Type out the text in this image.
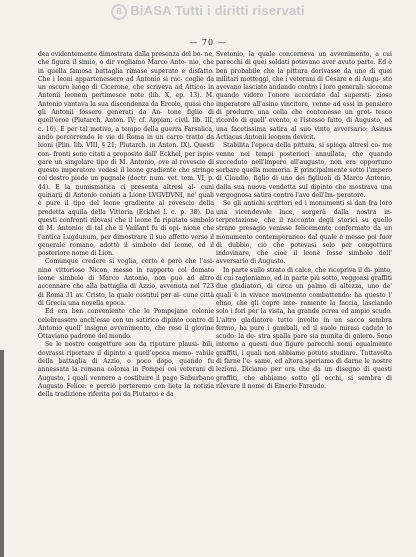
B BiASA Tutti i diritti riservati
— 70 —

dea evidentemente dimostrata dalla presenza del bo- ne, che figura il simio, o dir vogliamo Marco Anto- nio, che in quella famosa battaglia rimase superato e disfatto. Che i leoni appartenessero ad Antonio si rac- coglie da un oscuro luogo di Cicerone, che scriveva ad Attico: in Antonii leonem pertimesce note (lib. X, ep. 13). M. Antonio vantava la sua discendenza da Ercole, quasi che gli Antonii fossero generati da An- tone figlio di quell'eroe (Plutarch. Anton. IV; cf. Appian. civil. lib. III, c. 16). E per tal motivo, a tempo della guerra Farsalica, andò percorrendo le vie di Roma in un carro tratto da leoni (Plin. lib. VIII, § 21; Plutarch. in Anton. IX). Questi con- fronti sono citati a proposito dall' Eckhel, per ispie- gare un singolare tipo di M. Antonio, ove al rovescio di questo imperatore vedesi il leone gradiente che stringe col destro piede un pugnale (doctr. num. vet. tom. VI, p. 44). E la numismatica ci presenta altresì al- cuni quinarii di Antonio coniati a Lione LVGVDVNI, ne' quali è pure il tipo del leone gradiente al rovescio della predetta aquila della Vittoria (Eckhel l. c. p. 38). Da questi confronti rilevasi che il leone fu riputato simbolo di M. Antonio; di tal che il Vaillant fu di opi- nione che l'antica Lugdunum, per dimostrare il suo affetto verso il generale romano, adottò il simbolo del leone, ed il posteriore nome di Lion.

Comunque credere si voglia, certo è però che l'asi- nino vittorioso Nicon, messo in rapporto col domato leone simbolo di Marco Antonio, non può ad altro accennare che alla battaglia di Azzio, avvenuta nel 723 di Roma 31 av. Cristo, la quale costituì per al- cune città di Grecia una novella epoca.

Ed era ben conveniente che le Pompejane colonie celebrassero anch'esse con un satirico dipinto contro di Antonio quell' insigne avvenimento, che rese il giovine Ottaviano padrone del mondo.

Se le nostre congetture son da riputare plausi- bili, dovrassi riportare il dipinto a quell'epoca memo- rabile della battaglia di Azzio, o poco dopo, quando fu annessata la romana colonia in Pompei coi veterani di Augusto, i quali vennero a costituire il pago Suburbano Augusto Felice: e perciò porteremo con lieta la notizia della tradizione riferita poi da Plutarco e da

Svetonio, la quale concerneva un avvenimento, a cui parecchi di quei soldati potevano aver avuto parte. Ed è ben probabile che la pittura derivasse da uno di quei militari motteggi, che i veterani di Cesare e di Augu- sto avevano lasciato andando contro i loro generali: siccome quando videro l'onore accordato dal supersti- zioso imperatore all'asino vincitore, venne ad essi in pensiero di produrre una cella che contenesse un grot- tesco ricordo di quell' evento, e l'istesso fatto, di Augusto, ed una facetissima satira al suo vinto avversario: Asinus Actiacus Antonii leonem devicit.

Stabilita l'epoca della pittura, si spiega altresì co- me venne nei tempi posteriori annullata, che quando succeduto nell'impero all'augusto, non era opportuno serbare quella memoria. E principalmente sotto l'impero di Claudio, figlio di uno dei figliuoli di Marco Antonio, dalla sua nuova vendetta sul dipinto che mostrava una vergognosa satira contro l'avo dell'Im- peratore.

Se gli antichi scrittori ed i monumenti si dan fra loro una vicendevole luce, sorgerà dalla nostra in- terpretazione, che il racconto degli storici su quello strano presagio venisse felicemente confermato da un monumento contemporaneo: dal quale è messo poi fuor di dubbio, ciò che potevasi solo per congettura indovinare, che cioè il leone fosse simbolo dell' avversario di Augusto.

In parte sullo strato di calce, che ricopriva il di- pinto, di cui ragioniamo, ed in parte più sotto, veggonsi graffiti due gladiatori, di circa un palmo di altezza, uno de' quali è in vivace movimento combattendo: ha questo l' elmo, che gli copre inte- ramente la faccia, lasciando solo i fori per la vista, ha grande ocrea ed ampio scudo. L'altro gladiatore tutto involto in un sacco sembra fermo, ha pure i gambali, ed il suolo mirasi caduto lo scudo: la de- stra spalla pare sia munita di galero. Sono intorno a questi due figure parecchi nomi egualmente graffiti, i quali non abbiamo potuto studiare. Tuttavolta di farne l'e- same, ed altora speriamo di darne le nostre lezioni. Diciamo per ora che da un disegno di questi graffiti, che abbiamo sotto gli occhi, si sembra di rilevare il nome di Emerio Faraudo.
